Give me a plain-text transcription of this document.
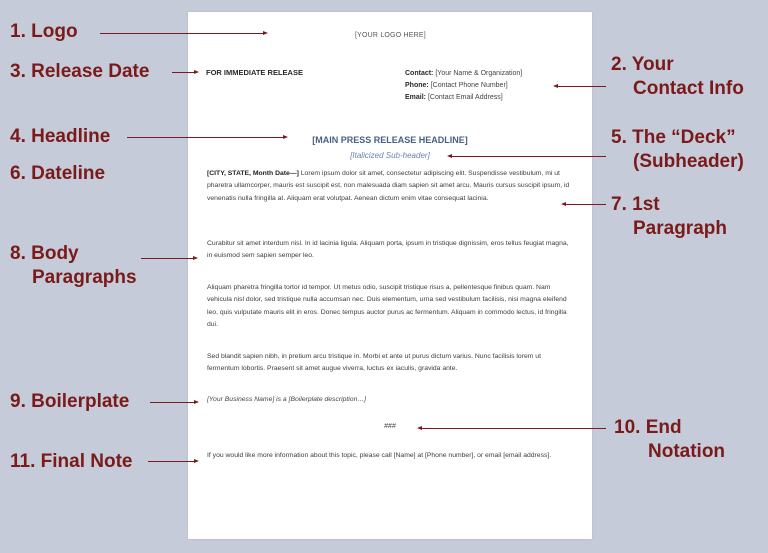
[YOUR LOGO HERE]
FOR IMMEDIATE RELEASE	Contact: [Your Name & Organization]
Phone: [Contact Phone Number]
Email: [Contact Email Address]
[MAIN PRESS RELEASE HEADLINE]
[Italicized Sub-header]
[CITY, STATE, Month Date—] Lorem ipsum dolor sit amet, consectetur adipiscing elit. Suspendisse vestibulum, mi ut pharetra ullamcorper, mauris est suscipit est, non malesuada diam sapien sit amet arcu. Mauris cursus suscipit ipsum, id venenatis nulla fringilla at. Aliquam erat volutpat. Aenean dictum enim vitae consequat lacinia.
Curabitur sit amet interdum nisl. In id lacinia ligula. Aliquam porta, ipsum in tristique dignissim, eros tellus feugiat magna, in euismod sem sapien semper leo.
Aliquam pharetra fringilla tortor id tempor. Ut metus odio, suscipit tristique risus a, pellentesque finibus quam. Nam vehicula nisl dolor, sed tristique nulla accumsan nec. Duis elementum, urna sed vestibulum facilisis, nisi magna eleifend leo, quis vulputate mauris elit in eros. Donec tempus auctor purus ac fermentum. Aliquam in commodo lectus, id fringilla dui.
Sed blandit sapien nibh, in pretium arcu tristique in. Morbi et ante ut purus dictum varius. Nunc facilisis lorem ut fermentum lobortis. Praesent sit amet augue viverra, luctus ex iaculis, gravida ante.
[Your Business Name] is a [Boilerplate description…]
###
If you would like more information about this topic, please call [Name] at [Phone number], or email [email address].
1. Logo
3. Release Date
4. Headline
6. Dateline
8. Body
Paragraphs
9. Boilerplate
11. Final Note
2. Your
Contact Info
5. The “Deck”
(Subheader)
7. 1st
Paragraph
10. End
Notation
